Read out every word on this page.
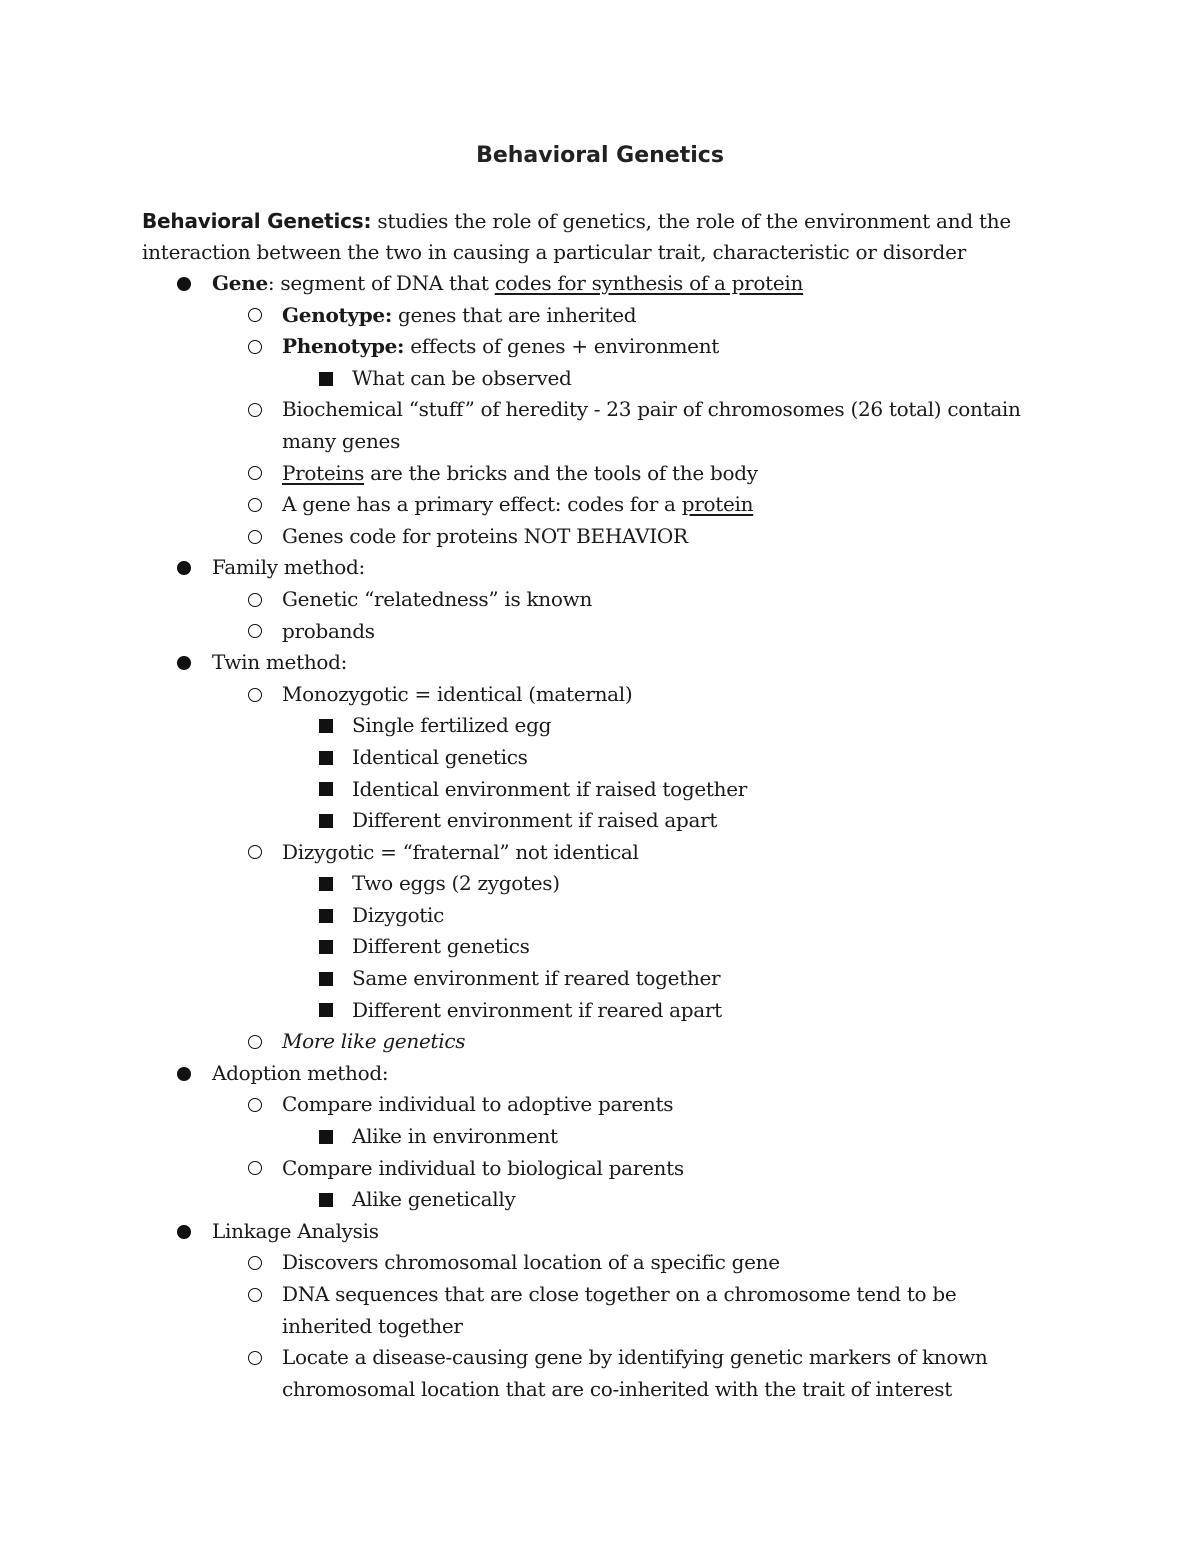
Behavioral Genetics

Behavioral Genetics: studies the role of genetics, the role of the environment and the interaction between the two in causing a particular trait, characteristic or disorder

Gene: segment of DNA that codes for synthesis of a protein
Genotype: genes that are inherited
Phenotype: effects of genes + environment
What can be observed
Biochemical “stuff” of heredity - 23 pair of chromosomes (26 total) contain many genes
Proteins are the bricks and the tools of the body
A gene has a primary effect: codes for a protein
Genes code for proteins NOT BEHAVIOR
Family method:
Genetic “relatedness” is known
probands
Twin method:
Monozygotic = identical (maternal)
Single fertilized egg
Identical genetics
Identical environment if raised together
Different environment if raised apart
Dizygotic = “fraternal” not identical
Two eggs (2 zygotes)
Dizygotic
Different genetics
Same environment if reared together
Different environment if reared apart
More like genetics
Adoption method:
Compare individual to adoptive parents
Alike in environment
Compare individual to biological parents
Alike genetically
Linkage Analysis
Discovers chromosomal location of a specific gene
DNA sequences that are close together on a chromosome tend to be inherited together
Locate a disease-causing gene by identifying genetic markers of known chromosomal location that are co-inherited with the trait of interest
